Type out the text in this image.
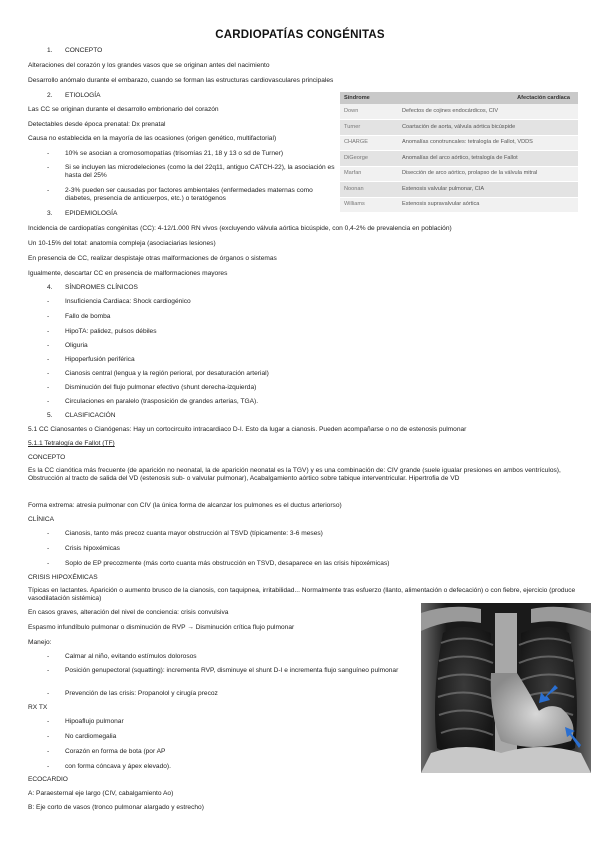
CARDIOPATÍAS CONGÉNITAS
1. CONCEPTO
Alteraciones del corazón y los grandes vasos que se originan antes del nacimiento
Desarrollo anómalo durante el embarazo, cuando se forman las estructuras cardiovasculares principales
2. ETIOLOGÍA
Las CC se originan durante el desarrollo embrionario del corazón
Detectables desde época prenatal: Dx prenatal
Causa no establecida en la mayoría de las ocasiones (origen genético, multifactorial)
- 10% se asocian a cromosomopatías (trisomías 21, 18 y 13 o sd de Turner)
- Si se incluyen las microdeleciones (como la del 22q11, antiguo CATCH-22), la asociación es hasta del 25%
- 2-3% pueden ser causadas por factores ambientales (enfermedades maternas como diabetes, presencia de anticuerpos, etc.) o teratógenos
Síndrome	Afectación cardíaca
Down	Defectos de cojines endocárdicos, CIV
Turner	Coartación de aorta, válvula aórtica bicúspide
CHARGE	Anomalías conotruncales: tetralogía de Fallot, VDDS
DiGeorge	Anomalías del arco aórtico, tetralogía de Fallot
Marfan	Disección de arco aórtico, prolapso de la válvula mitral
Noonan	Estenosis valvular pulmonar, CIA
Williams	Estenosis supravalvular aórtica
3. EPIDEMIOLOGÍA
Incidencia de cardiopatías congénitas (CC): 4-12/1.000 RN vivos (excluyendo válvula aórtica bicúspide, con 0,4-2% de prevalencia en población)
Un 10-15% del total: anatomía compleja (asociaciarias lesiones)
En presencia de CC, realizar despistaje otras malformaciones de órganos o sistemas
Igualmente, descartar CC en presencia de malformaciones mayores
4. SÍNDROMES CLÍNICOS
- Insuficiencia Cardiaca: Shock cardiogénico
- Fallo de bomba
- HipoTA: palidez, pulsos débiles
- Oliguria
- Hipoperfusión periférica
- Cianosis central (lengua y la región perioral, por desaturación arterial)
- Disminución del flujo pulmonar efectivo (shunt derecha-izquierda)
- Circulaciones en paralelo (trasposición de grandes arterias, TGA).
5. CLASIFICACIÓN
5.1 CC Cianosantes o Cianógenas: Hay un cortocircuito intracardiaco D-I. Esto da lugar a cianosis. Pueden acompañarse o no de estenosis pulmonar
5.1.1 Tetralogía de Fallot (TF)
CONCEPTO
Es la CC cianótica más frecuente (de aparición no neonatal, la de aparición neonatal es la TGV) y es una combinación de: CIV grande (suele igualar presiones en ambos ventrículos), Obstrucción al tracto de salida del VD (estenosis sub- o valvular pulmonar), Acabalgamiento aórtico sobre tabique interventricular. Hipertrofia de VD
Forma extrema: atresia pulmonar con CIV (la única forma de alcanzar los pulmones es el ductus arteriorso)
CLÍNICA
- Cianosis, tanto más precoz cuanta mayor obstrucción al TSVD (típicamente: 3-6 meses)
- Crisis hipoxémicas
- Soplo de EP precozmente (más corto cuanta más obstrucción en TSVD, desaparece en las crisis hipoxémicas)
CRISIS HIPOXÉMICAS
Típicas en lactantes. Aparición o aumento brusco de la cianosis, con taquipnea, irritabilidad... Normalmente tras esfuerzo (llanto, alimentación o defecación) o con fiebre, ejercicio (produce vasodilatación sistémica)
En casos graves, alteración del nivel de conciencia: crisis convulsiva
Espasmo infundíbulo pulmonar o disminución de RVP → Disminución crítica flujo pulmonar
Manejo:
- Calmar al niño, evitando estímulos dolorosos
- Posición genupectoral (squatting): incrementa RVP, disminuye el shunt D-I e incrementa flujo sanguíneo pulmonar
- Prevención de las crisis: Propanolol y cirugía precoz
RX TX
- Hipoaflujo pulmonar
- No cardiomegalia
- Corazón en forma de bota (por AP
- con forma cóncava y ápex elevado).
ECOCARDIO
A: Paraesternal eje largo (CIV, cabalgamiento Ao)
B: Eje corto de vasos (tronco pulmonar alargado y estrecho)
